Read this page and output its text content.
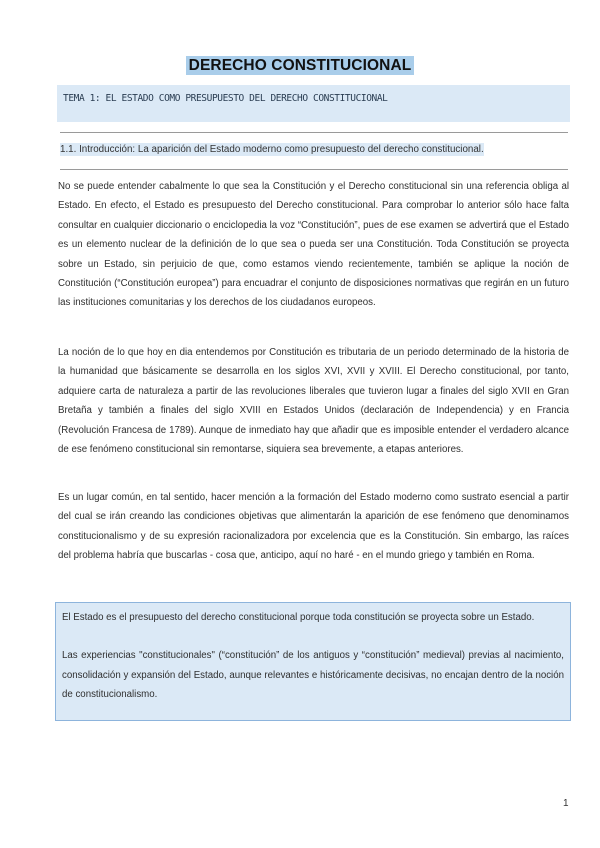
DERECHO CONSTITUCIONAL
TEMA 1: EL ESTADO COMO PRESUPUESTO DEL DERECHO CONSTITUCIONAL
1.1. Introducción: La aparición del Estado moderno como presupuesto del derecho constitucional.

No se puede entender cabalmente lo que sea la Constitución y el Derecho constitucional sin una referencia obliga al Estado. En efecto, el Estado es presupuesto del Derecho constitucional. Para comprobar lo anterior sólo hace falta consultar en cualquier diccionario o enciclopedia la voz “Constitución”, pues de ese examen se advertirá que el Estado es un elemento nuclear de la definición de lo que sea o pueda ser una Constitución. Toda Constitución se proyecta sobre un Estado, sin perjuicio de que, como estamos viendo recientemente, también se aplique la noción de Constitución (“Constitución europea”) para encuadrar el conjunto de disposiciones normativas que regirán en un futuro las instituciones comunitarias y los derechos de los ciudadanos europeos.

La noción de lo que hoy en dia entendemos por Constitución es tributaria de un periodo determinado de la historia de la humanidad que básicamente se desarrolla en los siglos XVI, XVII y XVIII. El Derecho constitucional, por tanto, adquiere carta de naturaleza a partir de las revoluciones liberales que tuvieron lugar a finales del siglo XVII en Gran Bretaña y también a finales del siglo XVIII en Estados Unidos (declaración de Independencia) y en Francia (Revolución Francesa de 1789). Aunque de inmediato hay que añadir que es imposible entender el verdadero alcance de ese fenómeno constitucional sin remontarse, siquiera sea brevemente, a etapas anteriores.

Es un lugar común, en tal sentido, hacer mención a la formación del Estado moderno como sustrato esencial a partir del cual se irán creando las condiciones objetivas que alimentarán la aparición de ese fenómeno que denominamos constitucionalismo y de su expresión racionalizadora por excelencia que es la Constitución. Sin embargo, las raíces del problema habría que buscarlas - cosa que, anticipo, aquí no haré - en el mundo griego y también en Roma.

El Estado es el presupuesto del derecho constitucional porque toda constitución se proyecta sobre un Estado.

Las experiencias "constitucionales" (“constitución” de los antiguos y “constitución” medieval) previas al nacimiento, consolidación y expansión del Estado, aunque relevantes e históricamente decisivas, no encajan dentro de la noción de constitucionalismo.

1
